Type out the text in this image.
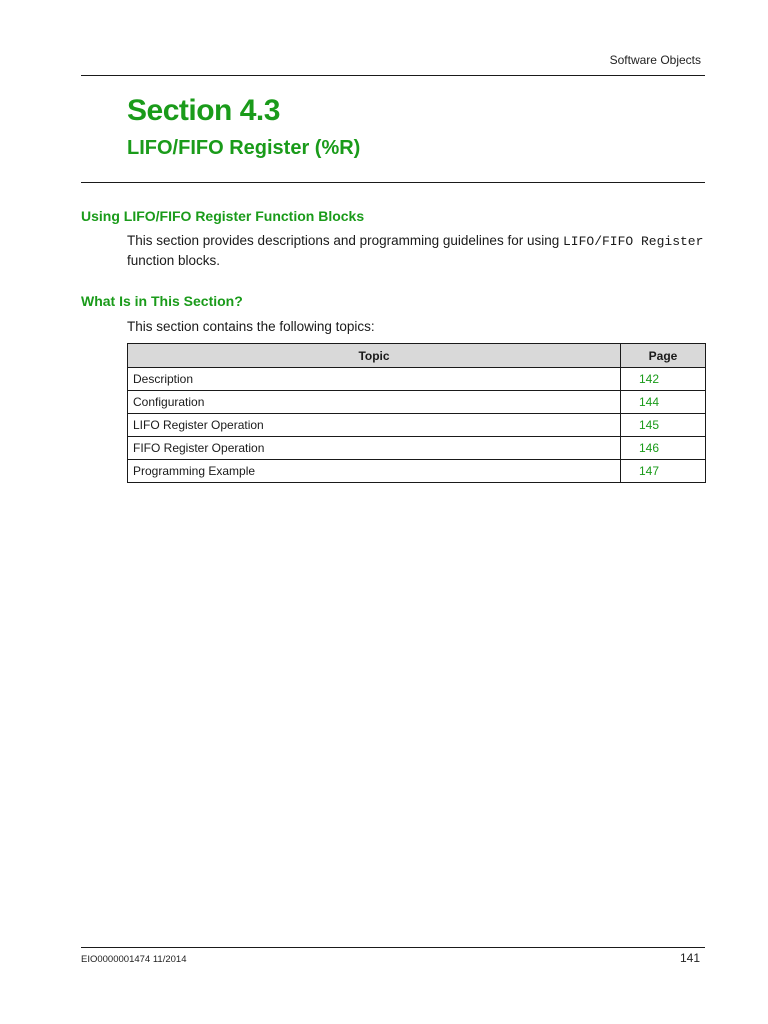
Software Objects
Section 4.3
LIFO/FIFO Register (%R)
Using LIFO/FIFO Register Function Blocks
This section provides descriptions and programming guidelines for using LIFO/FIFO Register function blocks.
What Is in This Section?
This section contains the following topics:
Topic	Page
Description	142
Configuration	144
LIFO Register Operation	145
FIFO Register Operation	146
Programming Example	147
EIO0000001474 11/2014	141
